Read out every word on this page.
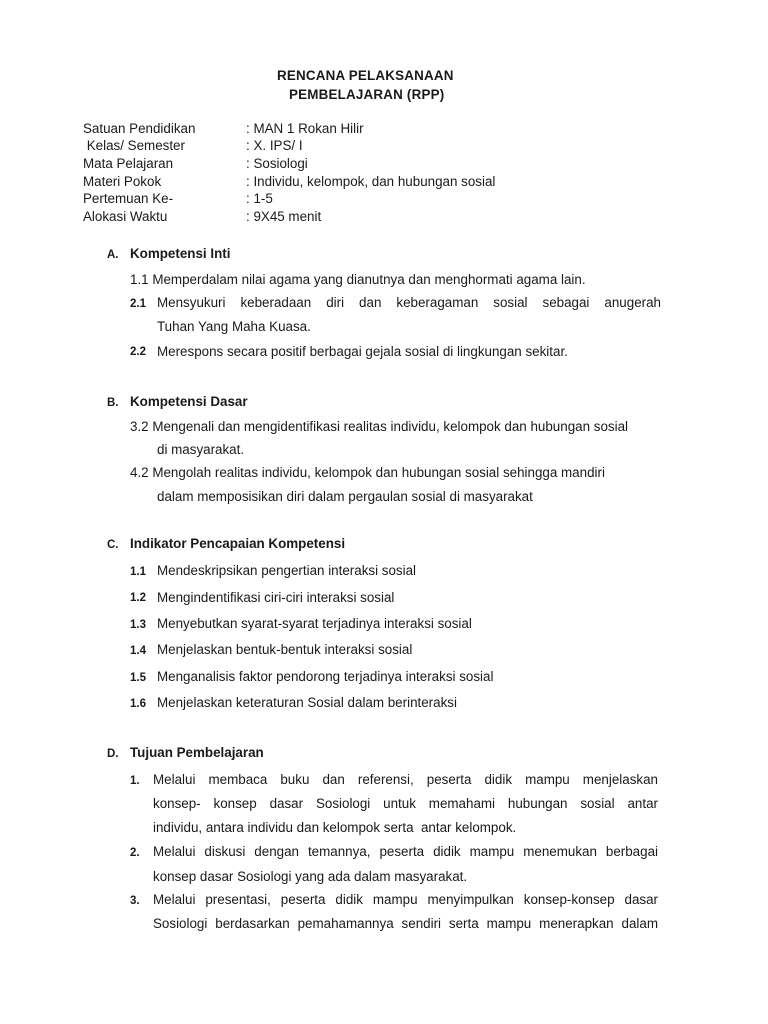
RENCANA PELAKSANAAN
PEMBELAJARAN (RPP)
Satuan Pendidikan	: MAN 1 Rokan Hilir
Kelas/ Semester	: X. IPS/ I
Mata Pelajaran	: Sosiologi
Materi Pokok	: Individu, kelompok, dan hubungan sosial
Pertemuan Ke-	: 1-5
Alokasi Waktu	: 9X45 menit
A. Kompetensi Inti
1.1 Memperdalam nilai agama yang dianutnya dan menghormati agama lain.
2.1 Mensyukuri keberadaan diri dan keberagaman sosial sebagai anugerah
Tuhan Yang Maha Kuasa.
2.2 Merespons secara positif berbagai gejala sosial di lingkungan sekitar.
B. Kompetensi Dasar
3.2 Mengenali dan mengidentifikasi realitas individu, kelompok dan hubungan sosial
di masyarakat.
4.2 Mengolah realitas individu, kelompok dan hubungan sosial sehingga mandiri
dalam memposisikan diri dalam pergaulan sosial di masyarakat
C. Indikator Pencapaian Kompetensi
1.1 Mendeskripsikan pengertian interaksi sosial
1.2 Mengindentifikasi ciri-ciri interaksi sosial
1.3 Menyebutkan syarat-syarat terjadinya interaksi sosial
1.4 Menjelaskan bentuk-bentuk interaksi sosial
1.5 Menganalisis faktor pendorong terjadinya interaksi sosial
1.6 Menjelaskan keteraturan Sosial dalam berinteraksi
D. Tujuan Pembelajaran
1. Melalui membaca buku dan referensi, peserta didik mampu menjelaskan
konsep- konsep dasar Sosiologi untuk memahami hubungan sosial antar
individu, antara individu dan kelompok serta  antar kelompok.
2. Melalui diskusi dengan temannya, peserta didik mampu menemukan berbagai
konsep dasar Sosiologi yang ada dalam masyarakat.
3. Melalui presentasi, peserta didik mampu menyimpulkan konsep-konsep dasar
Sosiologi berdasarkan pemahamannya sendiri serta mampu menerapkan dalam
